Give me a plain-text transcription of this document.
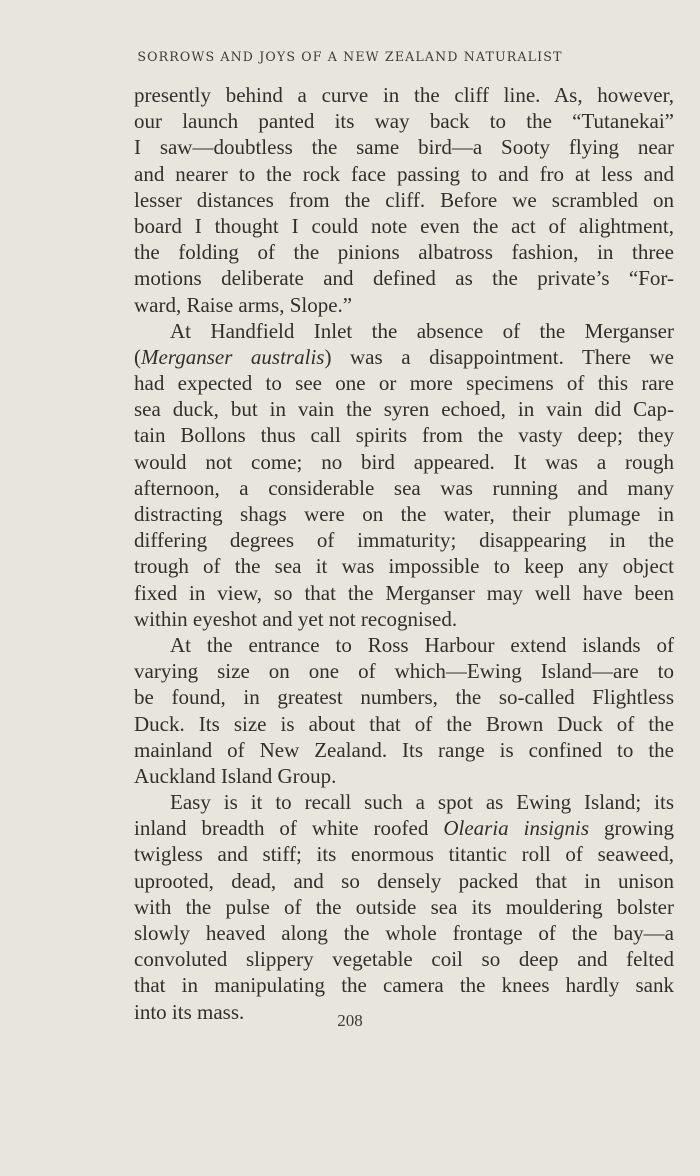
SORROWS AND JOYS OF A NEW ZEALAND NATURALIST

presently behind a curve in the cliff line. As, however,
our launch panted its way back to the “Tutanekai”
I saw—doubtless the same bird—a Sooty flying near
and nearer to the rock face passing to and fro at less and
lesser distances from the cliff. Before we scrambled on
board I thought I could note even the act of alightment,
the folding of the pinions albatross fashion, in three
motions deliberate and defined as the private’s “For-
ward, Raise arms, Slope.”

At Handfield Inlet the absence of the Merganser
(Merganser australis) was a disappointment. There we
had expected to see one or more specimens of this rare
sea duck, but in vain the syren echoed, in vain did Cap-
tain Bollons thus call spirits from the vasty deep; they
would not come; no bird appeared. It was a rough
afternoon, a considerable sea was running and many
distracting shags were on the water, their plumage in
differing degrees of immaturity; disappearing in the
trough of the sea it was impossible to keep any object
fixed in view, so that the Merganser may well have been
within eyeshot and yet not recognised.

At the entrance to Ross Harbour extend islands of
varying size on one of which—Ewing Island—are to
be found, in greatest numbers, the so-called Flightless
Duck. Its size is about that of the Brown Duck of the
mainland of New Zealand. Its range is confined to the
Auckland Island Group.

Easy is it to recall such a spot as Ewing Island; its
inland breadth of white roofed Olearia insignis growing
twigless and stiff; its enormous titantic roll of seaweed,
uprooted, dead, and so densely packed that in unison
with the pulse of the outside sea its mouldering bolster
slowly heaved along the whole frontage of the bay—a
convoluted slippery vegetable coil so deep and felted
that in manipulating the camera the knees hardly sank
into its mass.	208
